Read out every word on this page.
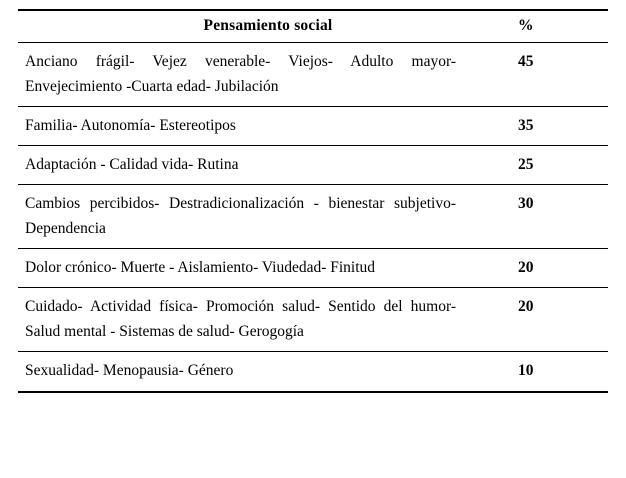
Pensamiento social	%
Anciano frágil- Vejez venerable- Viejos- Adulto mayor-Envejecimiento -Cuarta edad- Jubilación	45
Familia- Autonomía- Estereotipos	35
Adaptación - Calidad vida- Rutina	25
Cambios percibidos- Destradicionalización - bienestar subjetivo- Dependencia	30
Dolor crónico- Muerte - Aislamiento- Viudedad- Finitud	20
Cuidado- Actividad física- Promoción salud- Sentido del humor- Salud mental - Sistemas de salud- Gerogogía	20
Sexualidad- Menopausia- Género	10
